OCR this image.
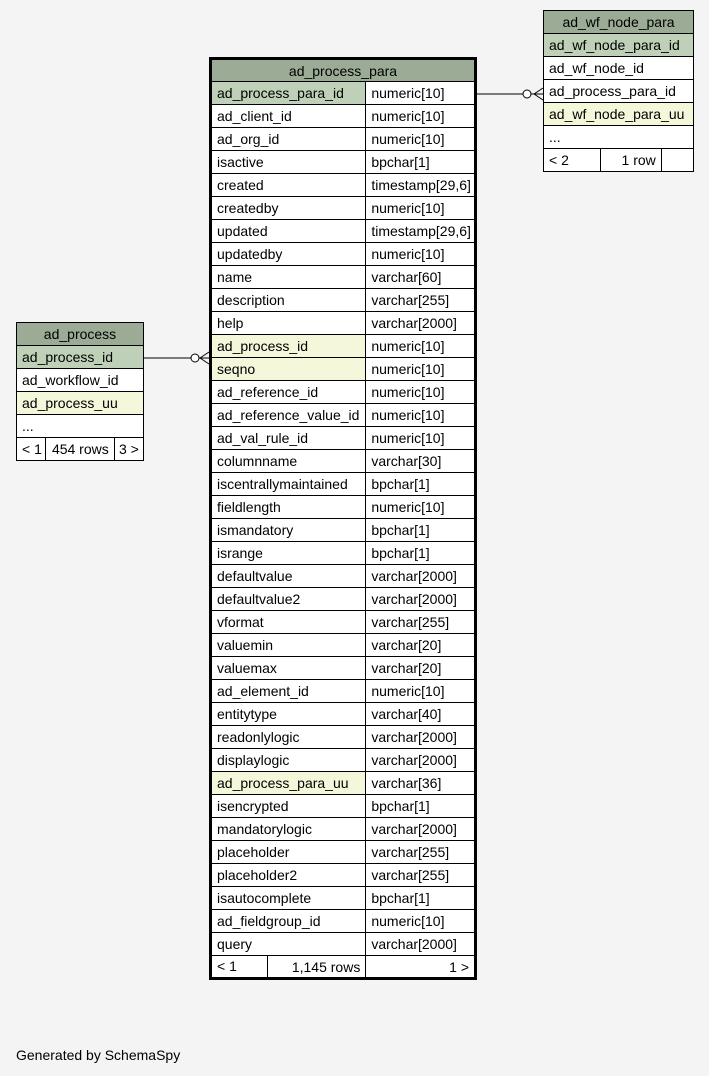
ad_process_para	
ad_process_para_id	numeric[10]
ad_client_id	numeric[10]
ad_org_id	numeric[10]
isactive	bpchar[1]
created	timestamp[29,6]
createdby	numeric[10]
updated	timestamp[29,6]
updatedby	numeric[10]
name	varchar[60]
description	varchar[255]
help	varchar[2000]
ad_process_id	numeric[10]
seqno	numeric[10]
ad_reference_id	numeric[10]
ad_reference_value_id	numeric[10]
ad_val_rule_id	numeric[10]
columnname	varchar[30]
iscentrallymaintained	bpchar[1]
fieldlength	numeric[10]
ismandatory	bpchar[1]
isrange	bpchar[1]
defaultvalue	varchar[2000]
defaultvalue2	varchar[2000]
vformat	varchar[255]
valuemin	varchar[20]
valuemax	varchar[20]
ad_element_id	numeric[10]
entitytype	varchar[40]
readonlylogic	varchar[2000]
displaylogic	varchar[2000]
ad_process_para_uu	varchar[36]
isencrypted	bpchar[1]
mandatorylogic	varchar[2000]
placeholder	varchar[255]
placeholder2	varchar[255]
isautocomplete	bpchar[1]
ad_fieldgroup_id	numeric[10]
query	varchar[2000]

< 1 1,145 rows	1 >
ad_process
ad_process_id
ad_workflow_id
ad_process_uu
...
< 1	454 rows	3 >
ad_wf_node_para
ad_wf_node_para_id
ad_wf_node_id
ad_process_para_id
ad_wf_node_para_uu
...
< 2	1 row	
Generated by SchemaSpy
